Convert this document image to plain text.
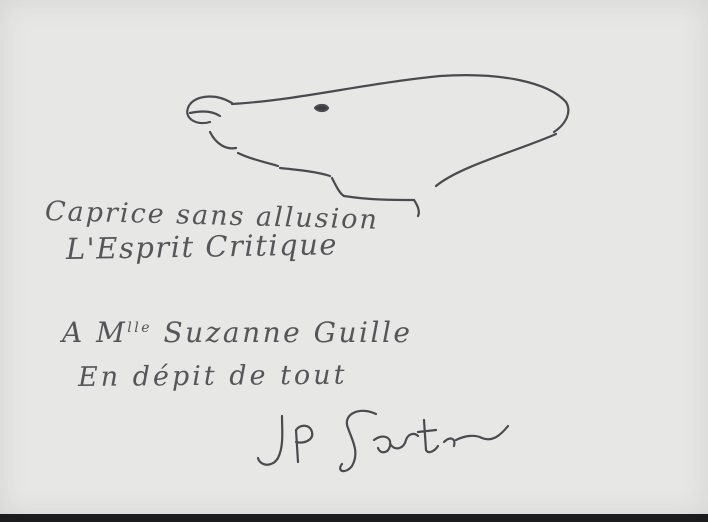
Caprice sans allusion
L'Esprit Critique
A $M^{lle}$ Suzanne Guille
En dépit de tout
